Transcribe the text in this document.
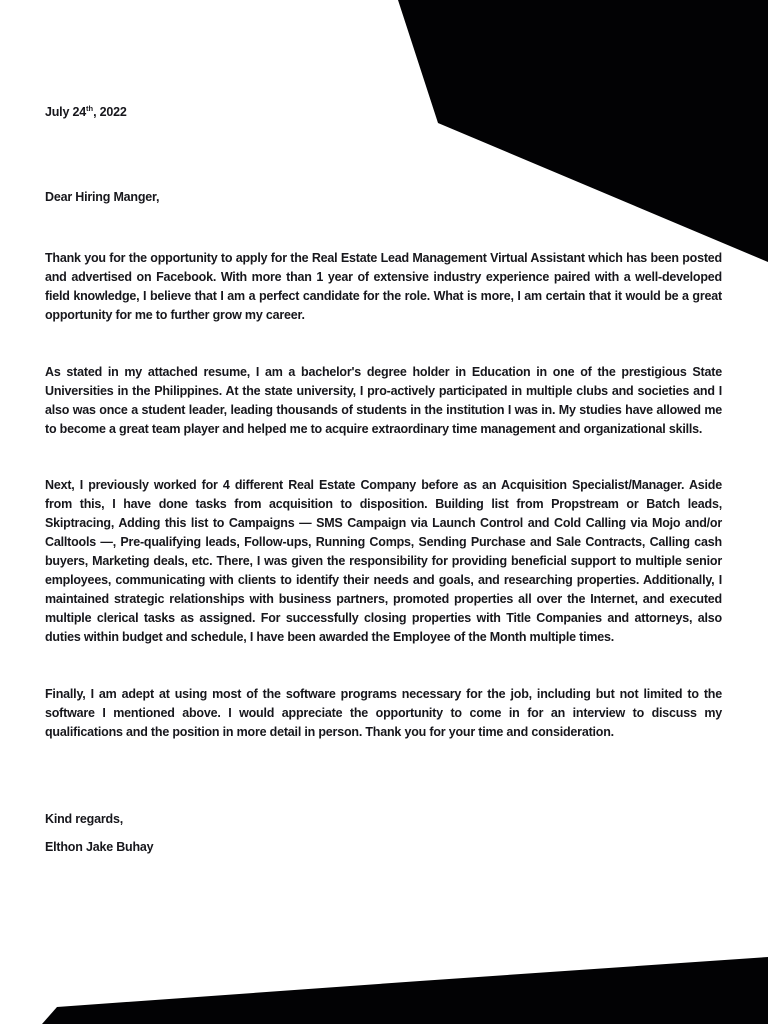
July 24th, 2022
Dear Hiring Manger,

Thank you for the opportunity to apply for the Real Estate Lead Management Virtual Assistant which has been posted and advertised on Facebook. With more than 1 year of extensive industry experience paired with a well-developed field knowledge, I believe that I am a perfect candidate for the role. What is more, I am certain that it would be a great opportunity for me to further grow my career.

As stated in my attached resume, I am a bachelor's degree holder in Education in one of the prestigious State Universities in the Philippines. At the state university, I pro-actively participated in multiple clubs and societies and I also was once a student leader, leading thousands of students in the institution I was in. My studies have allowed me to become a great team player and helped me to acquire extraordinary time management and organizational skills.

Next, I previously worked for 4 different Real Estate Company before as an Acquisition Specialist/Manager. Aside from this, I have done tasks from acquisition to disposition. Building list from Propstream or Batch leads, Skiptracing, Adding this list to Campaigns — SMS Campaign via Launch Control and Cold Calling via Mojo and/or Calltools —, Pre-qualifying leads, Follow-ups, Running Comps, Sending Purchase and Sale Contracts, Calling cash buyers, Marketing deals, etc. There, I was given the responsibility for providing beneficial support to multiple senior employees, communicating with clients to identify their needs and goals, and researching properties. Additionally, I maintained strategic relationships with business partners, promoted properties all over the Internet, and executed multiple clerical tasks as assigned. For successfully closing properties with Title Companies and attorneys, also duties within budget and schedule, I have been awarded the Employee of the Month multiple times.

Finally, I am adept at using most of the software programs necessary for the job, including but not limited to the software I mentioned above. I would appreciate the opportunity to come in for an interview to discuss my qualifications and the position in more detail in person. Thank you for your time and consideration.

Kind regards,
Elthon Jake Buhay
